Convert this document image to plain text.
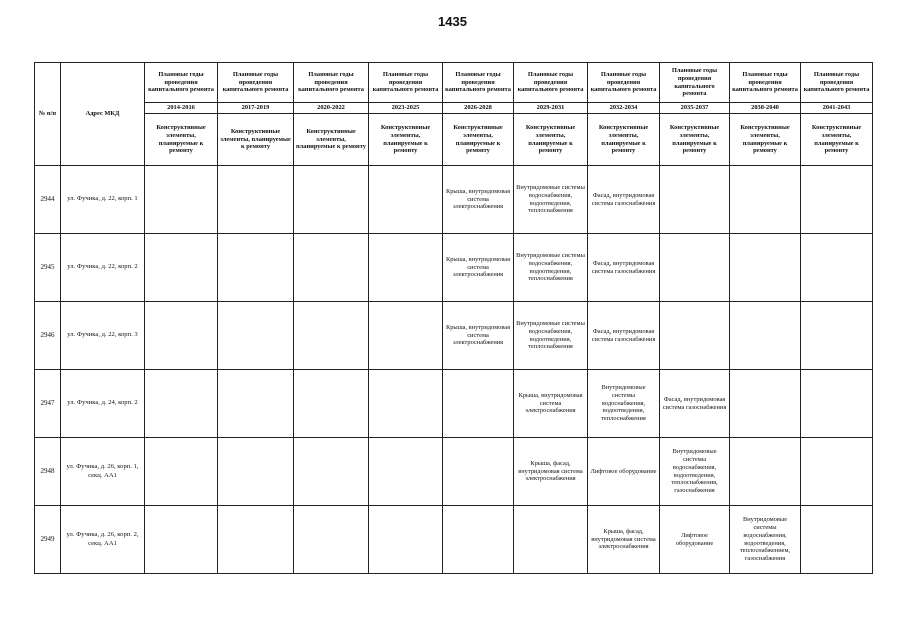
1435
№ п/п	Адрес МКД	Плановые годы проведения капитального ремонта	Плановые годы проведения капитального ремонта	Плановые годы проведения капитального ремонта	Плановые годы проведения капитального ремонта	Плановые годы проведения капитального ремонта	Плановые годы проведения капитального ремонта	Плановые годы проведения капитального ремонта	Плановые годы проведения капитального ремонта	Плановые годы проведения капитального ремонта	Плановые годы проведения капитального ремонта
		2014-2016	2017-2019	2020-2022	2023-2025	2026-2028	2029-2031	2032-2034	2035-2037	2038-2040	2041-2043
		Конструктивные элементы, планируемые к ремонту	Конструктивные элементы, планируемые к ремонту	Конструктивные элементы, планируемые к ремонту	Конструктивные элементы, планируемые к ремонту	Конструктивные элементы, планируемые к ремонту	Конструктивные элементы, планируемые к ремонту	Конструктивные элементы, планируемые к ремонту	Конструктивные элементы, планируемые к ремонту	Конструктивные элементы, планируемые к ремонту	Конструктивные элементы, планируемые к ремонту
2944	ул. Фучика, д. 22, корп. 1					Крыша, внутридомовая система электроснабжения	Внутридомовые системы водоснабжения, водоотведения, теплоснабжения	Фасад, внутридомовая система газоснабжения			
2945	ул. Фучика, д. 22, корп. 2					Крыша, внутридомовая система электроснабжения	Внутридомовые системы водоснабжения, водоотведения, теплоснабжения	Фасад, внутридомовая система газоснабжения			
2946	ул. Фучика, д. 22, корп. 3					Крыша, внутридомовая система электроснабжения	Внутридомовые системы водоснабжения, водоотведения, теплоснабжения	Фасад, внутридомовая система газоснабжения			
2947	ул. Фучика, д. 24, корп. 2						Крыша, внутридомовая система электроснабжения	Внутридомовые системы водоснабжения, водоотведения, теплоснабжения	Фасад, внутридомовая система газоснабжения		
2948	ул. Фучика, д. 26, корп. 1, секц. АА1						Крыша, фасад, внутридомовая система электроснабжения	Лифтовое оборудование	Внутридомовые системы водоснабжения, водоотведения, теплоснабжения, газоснабжения		
2949	ул. Фучика, д. 26, корп. 2, секц. АА1							Крыша, фасад, внутридомовая система электроснабжения	Лифтовое оборудование	Внутридомовые системы водоснабжения, водоотведения, теплоснабжением, газоснабжения	
